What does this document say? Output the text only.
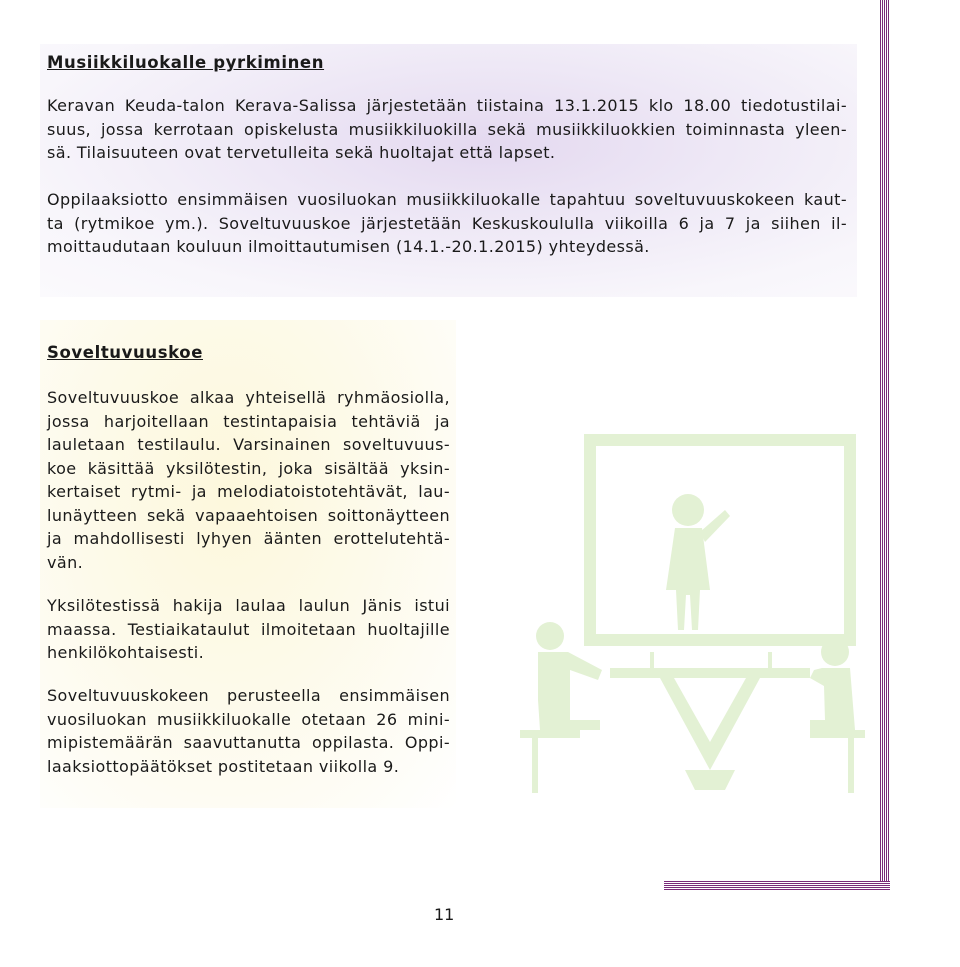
Musiikkiluokalle pyrkiminen

Keravan Keuda-talon Kerava-Salissa järjestetään tiistaina 13.1.2015 klo 18.00 tiedotustilai-
suus, jossa kerrotaan opiskelusta musiikkiluokilla sekä musiikkiluokkien toiminnasta yleen-
sä. Tilaisuuteen ovat tervetulleita sekä huoltajat että lapset.

Oppilaaksiotto ensimmäisen vuosiluokan musiikkiluokalle tapahtuu soveltuvuuskokeen kaut-
ta (rytmikoe ym.). Soveltuvuuskoe järjestetään Keskuskoululla viikoilla 6 ja 7 ja siihen il-
moittaudutaan kouluun ilmoittautumisen (14.1.-20.1.2015) yhteydessä.

Soveltuvuuskoe

Soveltuvuuskoe alkaa yhteisellä ryhmäosiolla,
jossa harjoitellaan testintapaisia tehtäviä ja
lauletaan testilaulu. Varsinainen soveltuvuus-
koe käsittää yksilötestin, joka sisältää yksin-
kertaiset rytmi- ja melodiatoistotehtävät, lau-
lunäytteen sekä vapaaehtoisen soittonäytteen
ja mahdollisesti lyhyen äänten erottelutehtä-
vän.

Yksilötestissä hakija laulaa laulun Jänis istui
maassa. Testiaikataulut ilmoitetaan huoltajille
henkilökohtaisesti.

Soveltuvuuskokeen perusteella ensimmäisen
vuosiluokan musiikkiluokalle otetaan 26 mini-
mipistemäärän saavuttanutta oppilasta. Oppi-
laaksiottopäätökset postitetaan viikolla 9.

11
